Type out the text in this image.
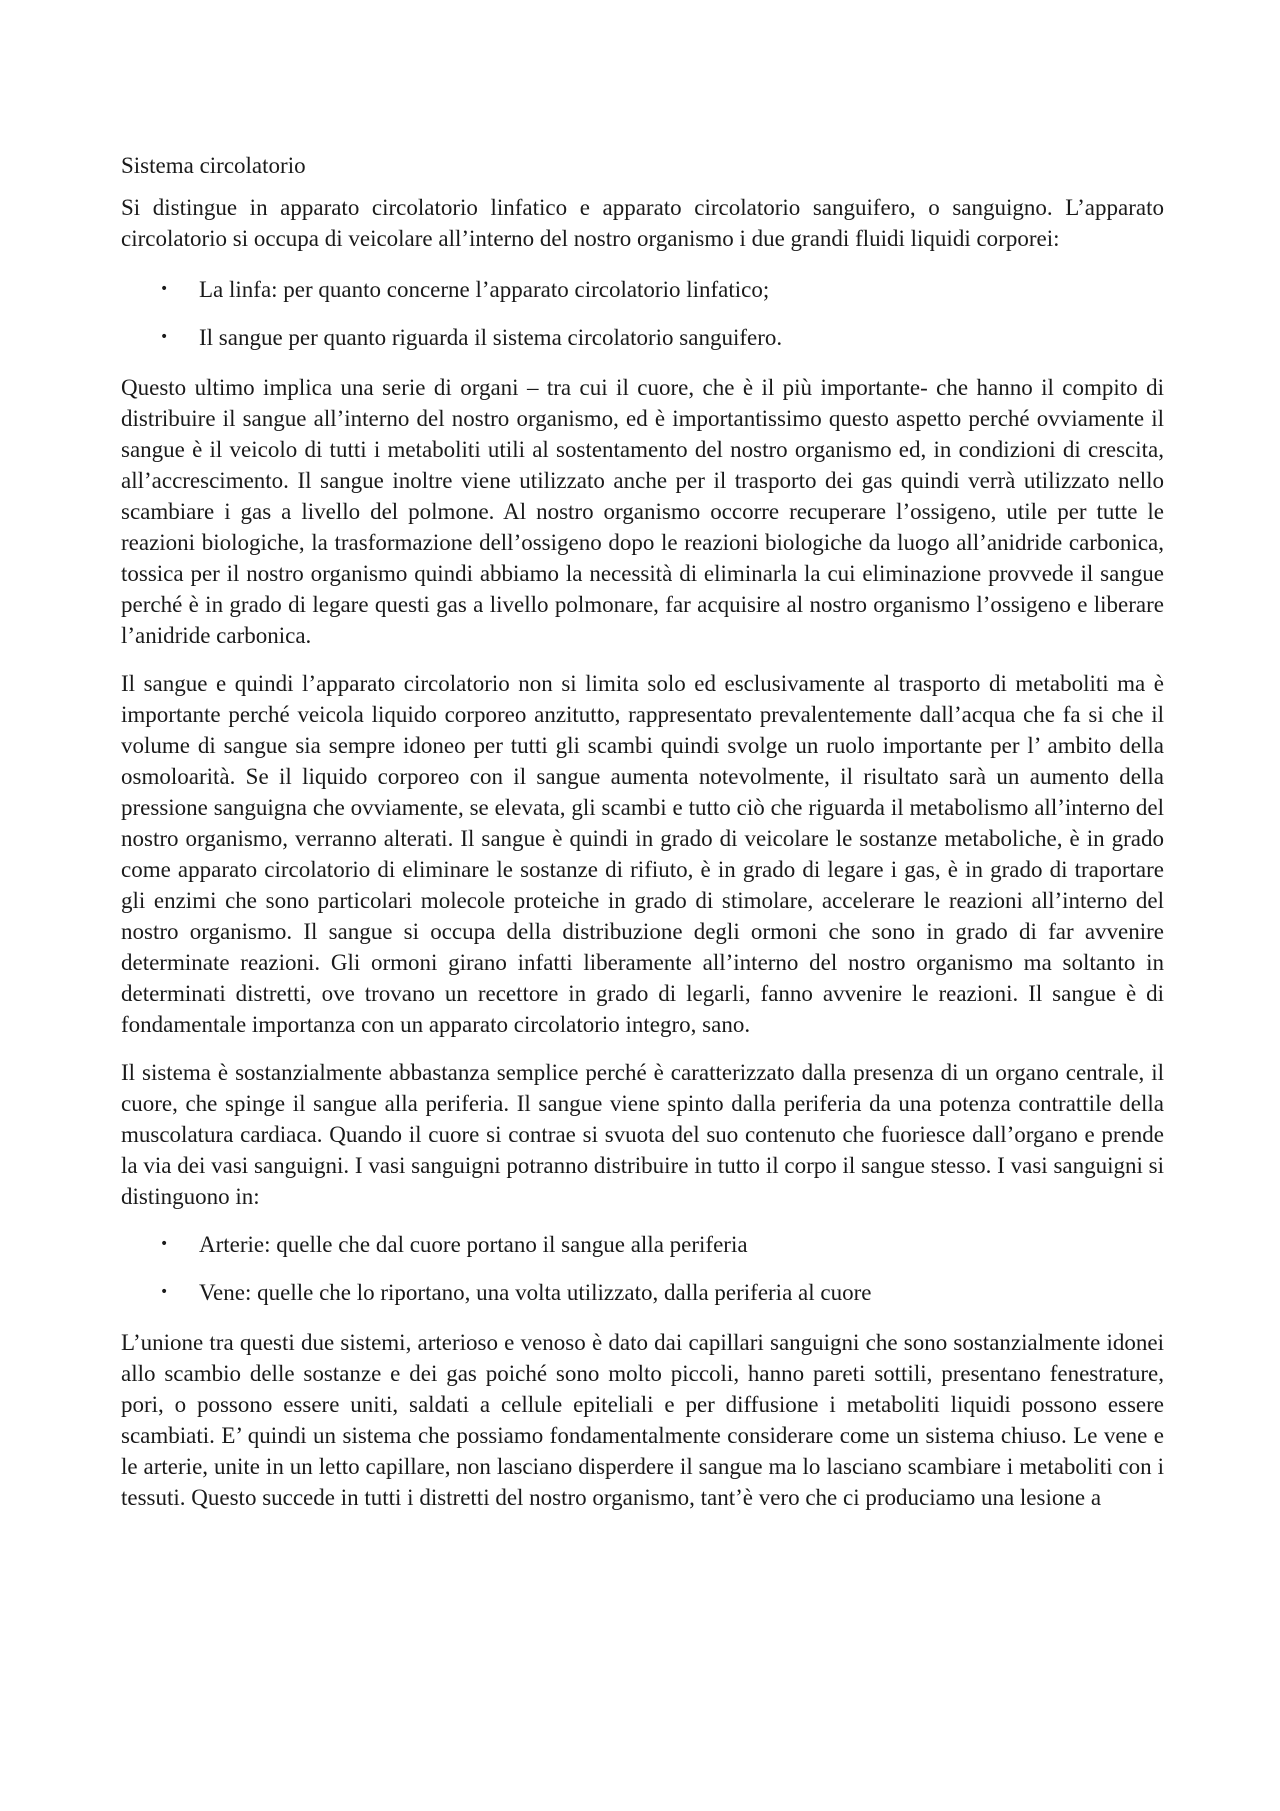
Sistema circolatorio

Si distingue in apparato circolatorio linfatico e apparato circolatorio sanguifero, o sanguigno. L’apparato circolatorio si occupa di veicolare all’interno del nostro organismo i due grandi fluidi liquidi corporei:

• La linfa: per quanto concerne l’apparato circolatorio linfatico;
• Il sangue per quanto riguarda il sistema circolatorio sanguifero.

Questo ultimo implica una serie di organi – tra cui il cuore, che è il più importante- che hanno il compito di distribuire il sangue all’interno del nostro organismo, ed è importantissimo questo aspetto perché ovviamente il sangue è il veicolo di tutti i metaboliti utili al sostentamento del nostro organismo ed, in condizioni di crescita, all’accrescimento. Il sangue inoltre viene utilizzato anche per il trasporto dei gas quindi verrà utilizzato nello scambiare i gas a livello del polmone. Al nostro organismo occorre recuperare l’ossigeno, utile per tutte le reazioni biologiche, la trasformazione dell’ossigeno dopo le reazioni biologiche da luogo all’anidride carbonica, tossica per il nostro organismo quindi abbiamo la necessità di eliminarla la cui eliminazione provvede il sangue perché è in grado di legare questi gas a livello polmonare, far acquisire al nostro organismo l’ossigeno e liberare l’anidride carbonica.

Il sangue e quindi l’apparato circolatorio non si limita solo ed esclusivamente al trasporto di metaboliti ma è importante perché veicola liquido corporeo anzitutto, rappresentato prevalentemente dall’acqua che fa si che il volume di sangue sia sempre idoneo per tutti gli scambi quindi svolge un ruolo importante per l’ ambito della osmoloarità. Se il liquido corporeo con il sangue aumenta notevolmente, il risultato sarà un aumento della pressione sanguigna che ovviamente, se elevata, gli scambi e tutto ciò che riguarda il metabolismo all’interno del nostro organismo, verranno alterati. Il sangue è quindi in grado di veicolare le sostanze metaboliche, è in grado come apparato circolatorio di eliminare le sostanze di rifiuto, è in grado di legare i gas, è in grado di traportare gli enzimi che sono particolari molecole proteiche in grado di stimolare, accelerare le reazioni all’interno del nostro organismo. Il sangue si occupa della distribuzione degli ormoni che sono in grado di far avvenire determinate reazioni. Gli ormoni girano infatti liberamente all’interno del nostro organismo ma soltanto in determinati distretti, ove trovano un recettore in grado di legarli, fanno avvenire le reazioni. Il sangue è di fondamentale importanza con un apparato circolatorio integro, sano.

Il sistema è sostanzialmente abbastanza semplice perché è caratterizzato dalla presenza di un organo centrale, il cuore, che spinge il sangue alla periferia. Il sangue viene spinto dalla periferia da una potenza contrattile della muscolatura cardiaca. Quando il cuore si contrae si svuota del suo contenuto che fuoriesce dall’organo e prende la via dei vasi sanguigni. I vasi sanguigni potranno distribuire in tutto il corpo il sangue stesso. I vasi sanguigni si distinguono in:

• Arterie: quelle che dal cuore portano il sangue alla periferia
• Vene: quelle che lo riportano, una volta utilizzato, dalla periferia al cuore

L’unione tra questi due sistemi, arterioso e venoso è dato dai capillari sanguigni che sono sostanzialmente idonei allo scambio delle sostanze e dei gas poiché sono molto piccoli, hanno pareti sottili, presentano fenestrature, pori, o possono essere uniti, saldati a cellule epiteliali e per diffusione i metaboliti liquidi possono essere scambiati. E’ quindi un sistema che possiamo fondamentalmente considerare come un sistema chiuso. Le vene e le arterie, unite in un letto capillare, non lasciano disperdere il sangue ma lo lasciano scambiare i metaboliti con i tessuti. Questo succede in tutti i distretti del nostro organismo, tant’è vero che ci produciamo una lesione a
